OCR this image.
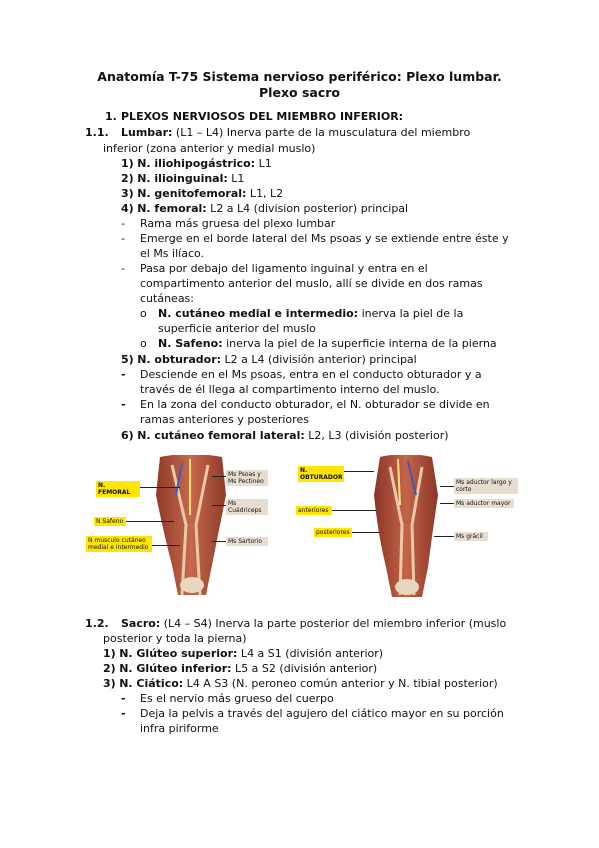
Anatomía T-75 Sistema nervioso periférico: Plexo lumbar.
Plexo sacro
1. PLEXOS NERVIOSOS DEL MIEMBRO INFERIOR:
1.1. Lumbar: (L1 – L4) Inerva parte de la musculatura del miembro
inferior (zona anterior y medial muslo)
1) N. iliohipogástrico: L1
2) N. ilioinguinal: L1
3) N. genitofemoral: L1, L2
4) N. femoral: L2 a L4 (division posterior) principal
- Rama más gruesa del plexo lumbar
- Emerge en el borde lateral del Ms psoas y se extiende entre éste y
el Ms ilíaco.
- Pasa por debajo del ligamento inguinal y entra en el
compartimento anterior del muslo, allí se divide en dos ramas
cutáneas:
o N. cutáneo medial e intermedio: inerva la piel de la
superficie anterior del muslo
o N. Safeno: inerva la piel de la superficie interna de la pierna
5) N. obturador: L2 a L4 (división anterior) principal
- Desciende en el Ms psoas, entra en el conducto obturador y a
través de él llega al compartimento interno del muslo.
- En la zona del conducto obturador, el N. obturador se divide en
ramas anteriores y posteriores
6) N. cutáneo femoral lateral: L2, L3 (división posterior)
N. FEMORAL
N Safeno
N musculo cutáneo medial e intermedio
Ms Psoas y Ms Pectineo
Ms Cuádriceps
Ms Sartorio
N. OBTURADOR
anteriores
posteriores
Ms aductor largo y corto
Ms aductor mayor
Ms grácil
1.2. Sacro: (L4 – S4) Inerva la parte posterior del miembro inferior (muslo
posterior y toda la pierna)
1) N. Glúteo superior: L4 a S1 (división anterior)
2) N. Glúteo inferior: L5 a S2 (división anterior)
3) N. Ciático: L4 A S3 (N. peroneo común anterior y N. tibial posterior)
- Es el nervio más grueso del cuerpo
- Deja la pelvis a través del agujero del ciático mayor en su porción
infra piriforme
